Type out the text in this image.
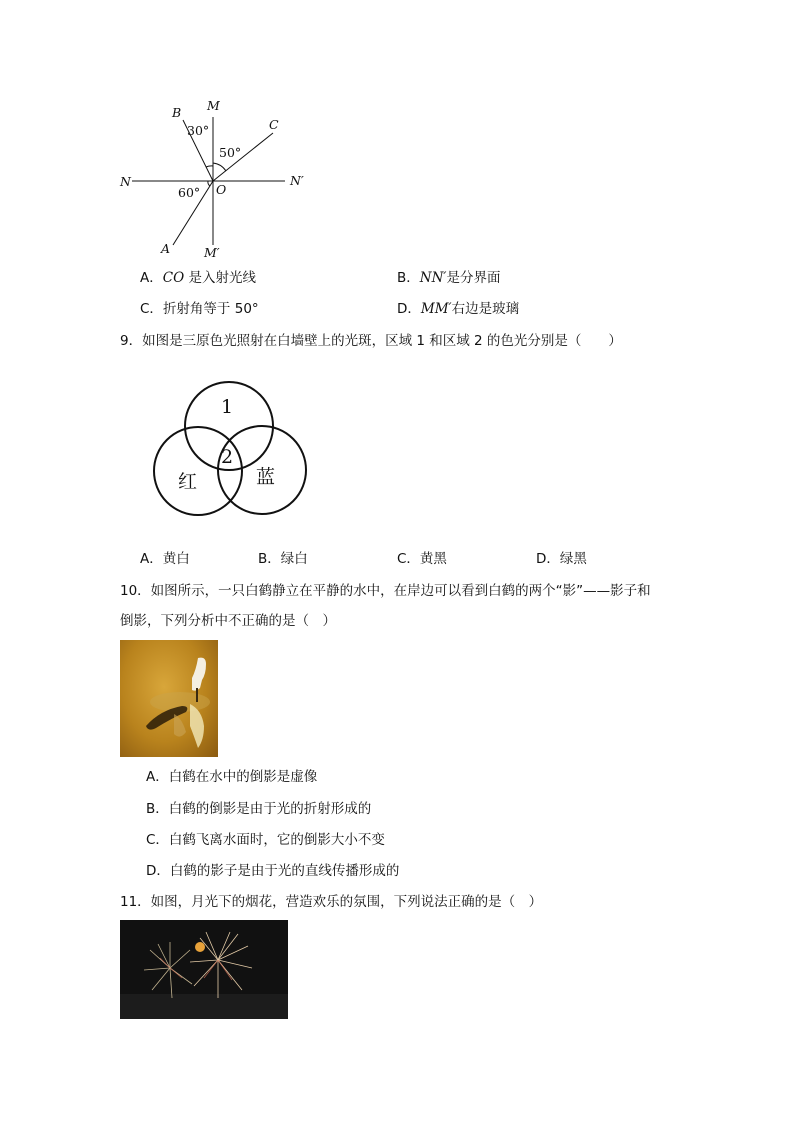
M
B
30°	C
50°
N	N′
60° O
A	M′
A．CO 是入射光线	B．NN′是分界面
C．折射角等于 50°	D．MM′右边是玻璃
9．如图是三原色光照射在白墙壁上的光斑，区域 1 和区域 2 的色光分别是（　　）
1
2
红	蓝
A．黄白	B．绿白	C．黄黑	D．绿黑
10．如图所示，一只白鹤静立在平静的水中，在岸边可以看到白鹤的两个“影”——影子和
倒影，下列分析中不正确的是（　）
A．白鹤在水中的倒影是虚像
B．白鹤的倒影是由于光的折射形成的
C．白鹤飞离水面时，它的倒影大小不变
D．白鹤的影子是由于光的直线传播形成的
11．如图，月光下的烟花，营造欢乐的氛围，下列说法正确的是（　）
